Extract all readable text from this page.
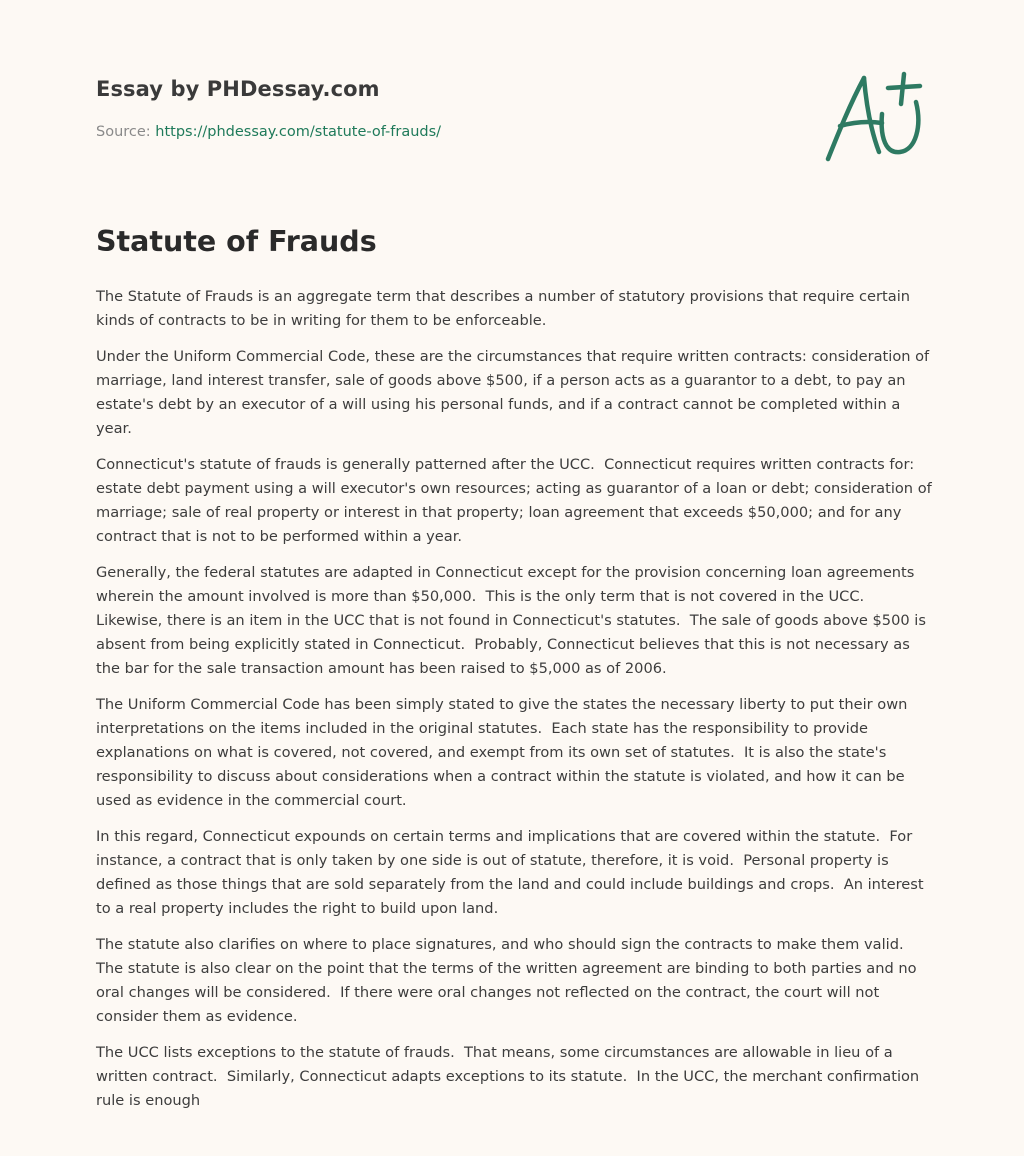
Essay by PHDessay.com
Source: https://phdessay.com/statute-of-frauds/
Statute of Frauds

The Statute of Frauds is an aggregate term that describes a number of statutory provisions that require certain kinds of contracts to be in writing for them to be enforceable.

Under the Uniform Commercial Code, these are the circumstances that require written contracts: consideration of marriage, land interest transfer, sale of goods above $500, if a person acts as a guarantor to a debt, to pay an estate's debt by an executor of a will using his personal funds, and if a contract cannot be completed within a year.

Connecticut's statute of frauds is generally patterned after the UCC.  Connecticut requires written contracts for: estate debt payment using a will executor's own resources; acting as guarantor of a loan or debt; consideration of marriage; sale of real property or interest in that property; loan agreement that exceeds $50,000; and for any contract that is not to be performed within a year.

Generally, the federal statutes are adapted in Connecticut except for the provision concerning loan agreements wherein the amount involved is more than $50,000.  This is the only term that is not covered in the UCC.  Likewise, there is an item in the UCC that is not found in Connecticut's statutes.  The sale of goods above $500 is absent from being explicitly stated in Connecticut.  Probably, Connecticut believes that this is not necessary as the bar for the sale transaction amount has been raised to $5,000 as of 2006.

The Uniform Commercial Code has been simply stated to give the states the necessary liberty to put their own interpretations on the items included in the original statutes.  Each state has the responsibility to provide explanations on what is covered, not covered, and exempt from its own set of statutes.  It is also the state's responsibility to discuss about considerations when a contract within the statute is violated, and how it can be used as evidence in the commercial court.

In this regard, Connecticut expounds on certain terms and implications that are covered within the statute.  For instance, a contract that is only taken by one side is out of statute, therefore, it is void.  Personal property is defined as those things that are sold separately from the land and could include buildings and crops.  An interest to a real property includes the right to build upon land.

The statute also clarifies on where to place signatures, and who should sign the contracts to make them valid.  The statute is also clear on the point that the terms of the written agreement are binding to both parties and no oral changes will be considered.  If there were oral changes not reflected on the contract, the court will not consider them as evidence.

The UCC lists exceptions to the statute of frauds.  That means, some circumstances are allowable in lieu of a written contract.  Similarly, Connecticut adapts exceptions to its statute.  In the UCC, the merchant confirmation rule is enough
